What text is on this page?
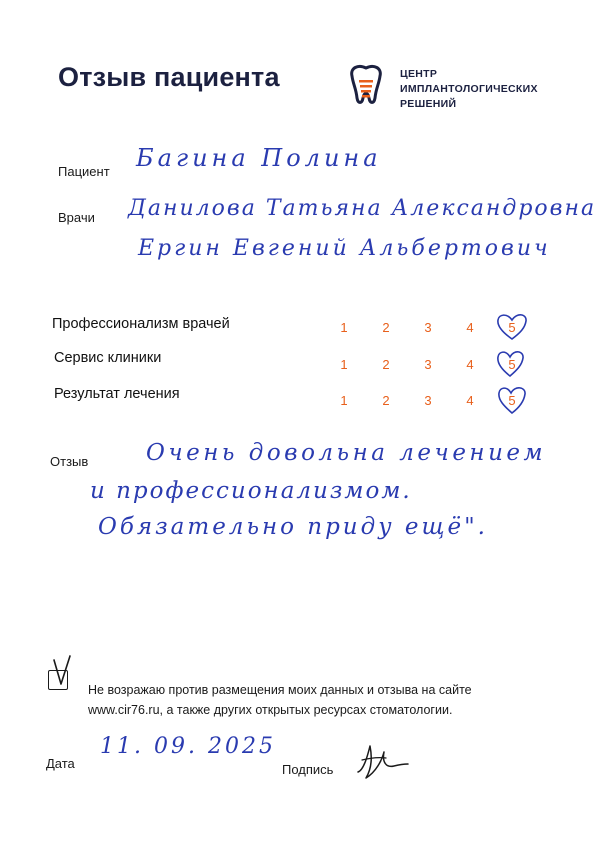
Отзыв пациента	ЦЕНТР
ИМПЛАНТОЛОГИЧЕСКИХ
РЕШЕНИЙ
Пациент Багина Полина
Врачи Данилова Татьяна Александровна
Ергин Евгений Альбертович
Профессионализм врачей	1	2	3	4	5
Сервис клиники	1	2	3	4	5
Результат лечения	1	2	3	4	5
Отзыв	Очень довольна лечением
и профессионализмом.
Обязательно приду ещё".
Не возражаю против размещения моих данных и отзыва на сайте
www.cir76.ru, а также других открытых ресурсах стоматологии.
Дата
11. 09. 2025
Подпись
